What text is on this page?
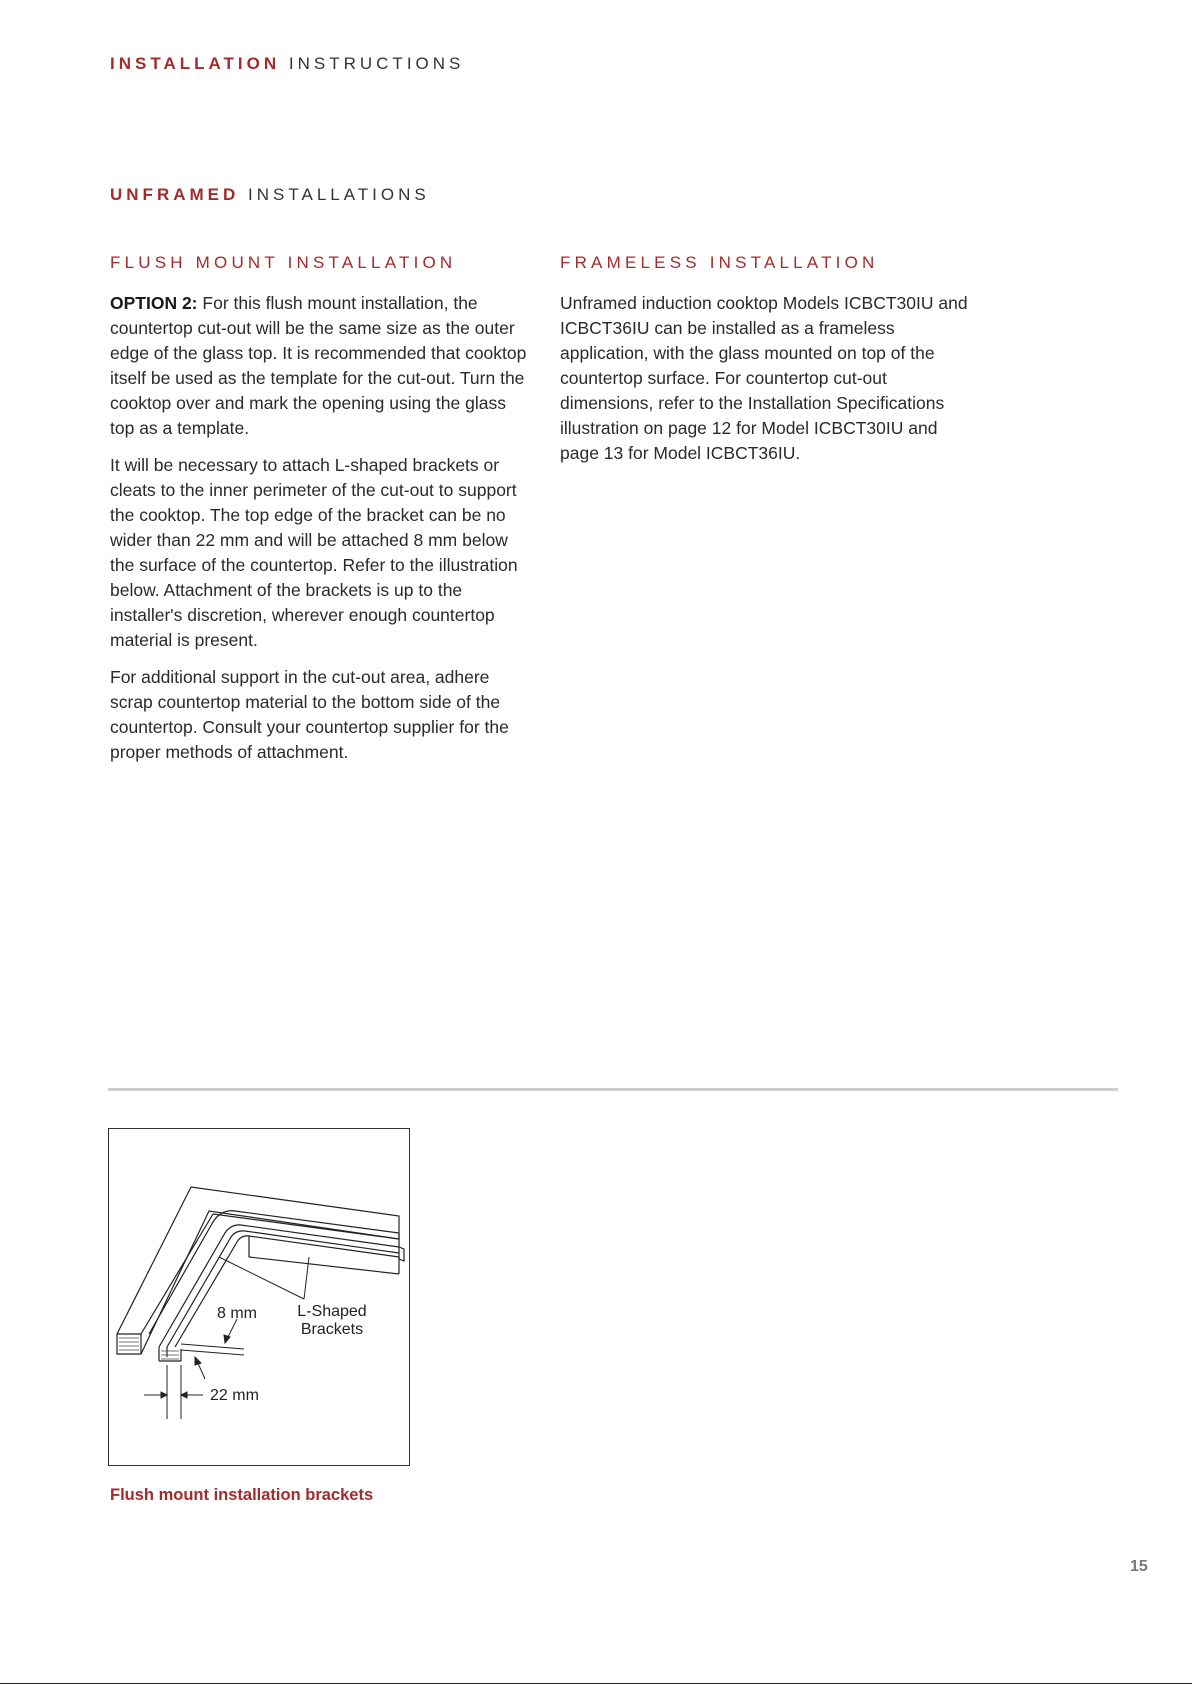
INSTALLATION INSTRUCTIONS
UNFRAMED INSTALLATIONS
FLUSH MOUNT INSTALLATION

OPTION 2: For this flush mount installation, the countertop cut-out will be the same size as the outer edge of the glass top. It is recommended that cooktop itself be used as the template for the cut-out. Turn the cooktop over and mark the opening using the glass top as a template.

It will be necessary to attach L-shaped brackets or cleats to the inner perimeter of the cut-out to support the cooktop. The top edge of the bracket can be no wider than 22 mm and will be attached 8 mm below the surface of the countertop. Refer to the illustration below. Attachment of the brackets is up to the installer's discretion, wherever enough countertop material is present.

For additional support in the cut-out area, adhere scrap countertop material to the bottom side of the countertop. Consult your countertop supplier for the proper methods of attachment.

FRAMELESS INSTALLATION

Unframed induction cooktop Models ICBCT30IU and ICBCT36IU can be installed as a frameless application, with the glass mounted on top of the countertop surface. For countertop cut-out dimensions, refer to the Installation Specifications illustration on page 12 for Model ICBCT30IU and page 13 for Model ICBCT36IU.

8 mm	L-Shaped
Brackets
22 mm
Flush mount installation brackets
15
